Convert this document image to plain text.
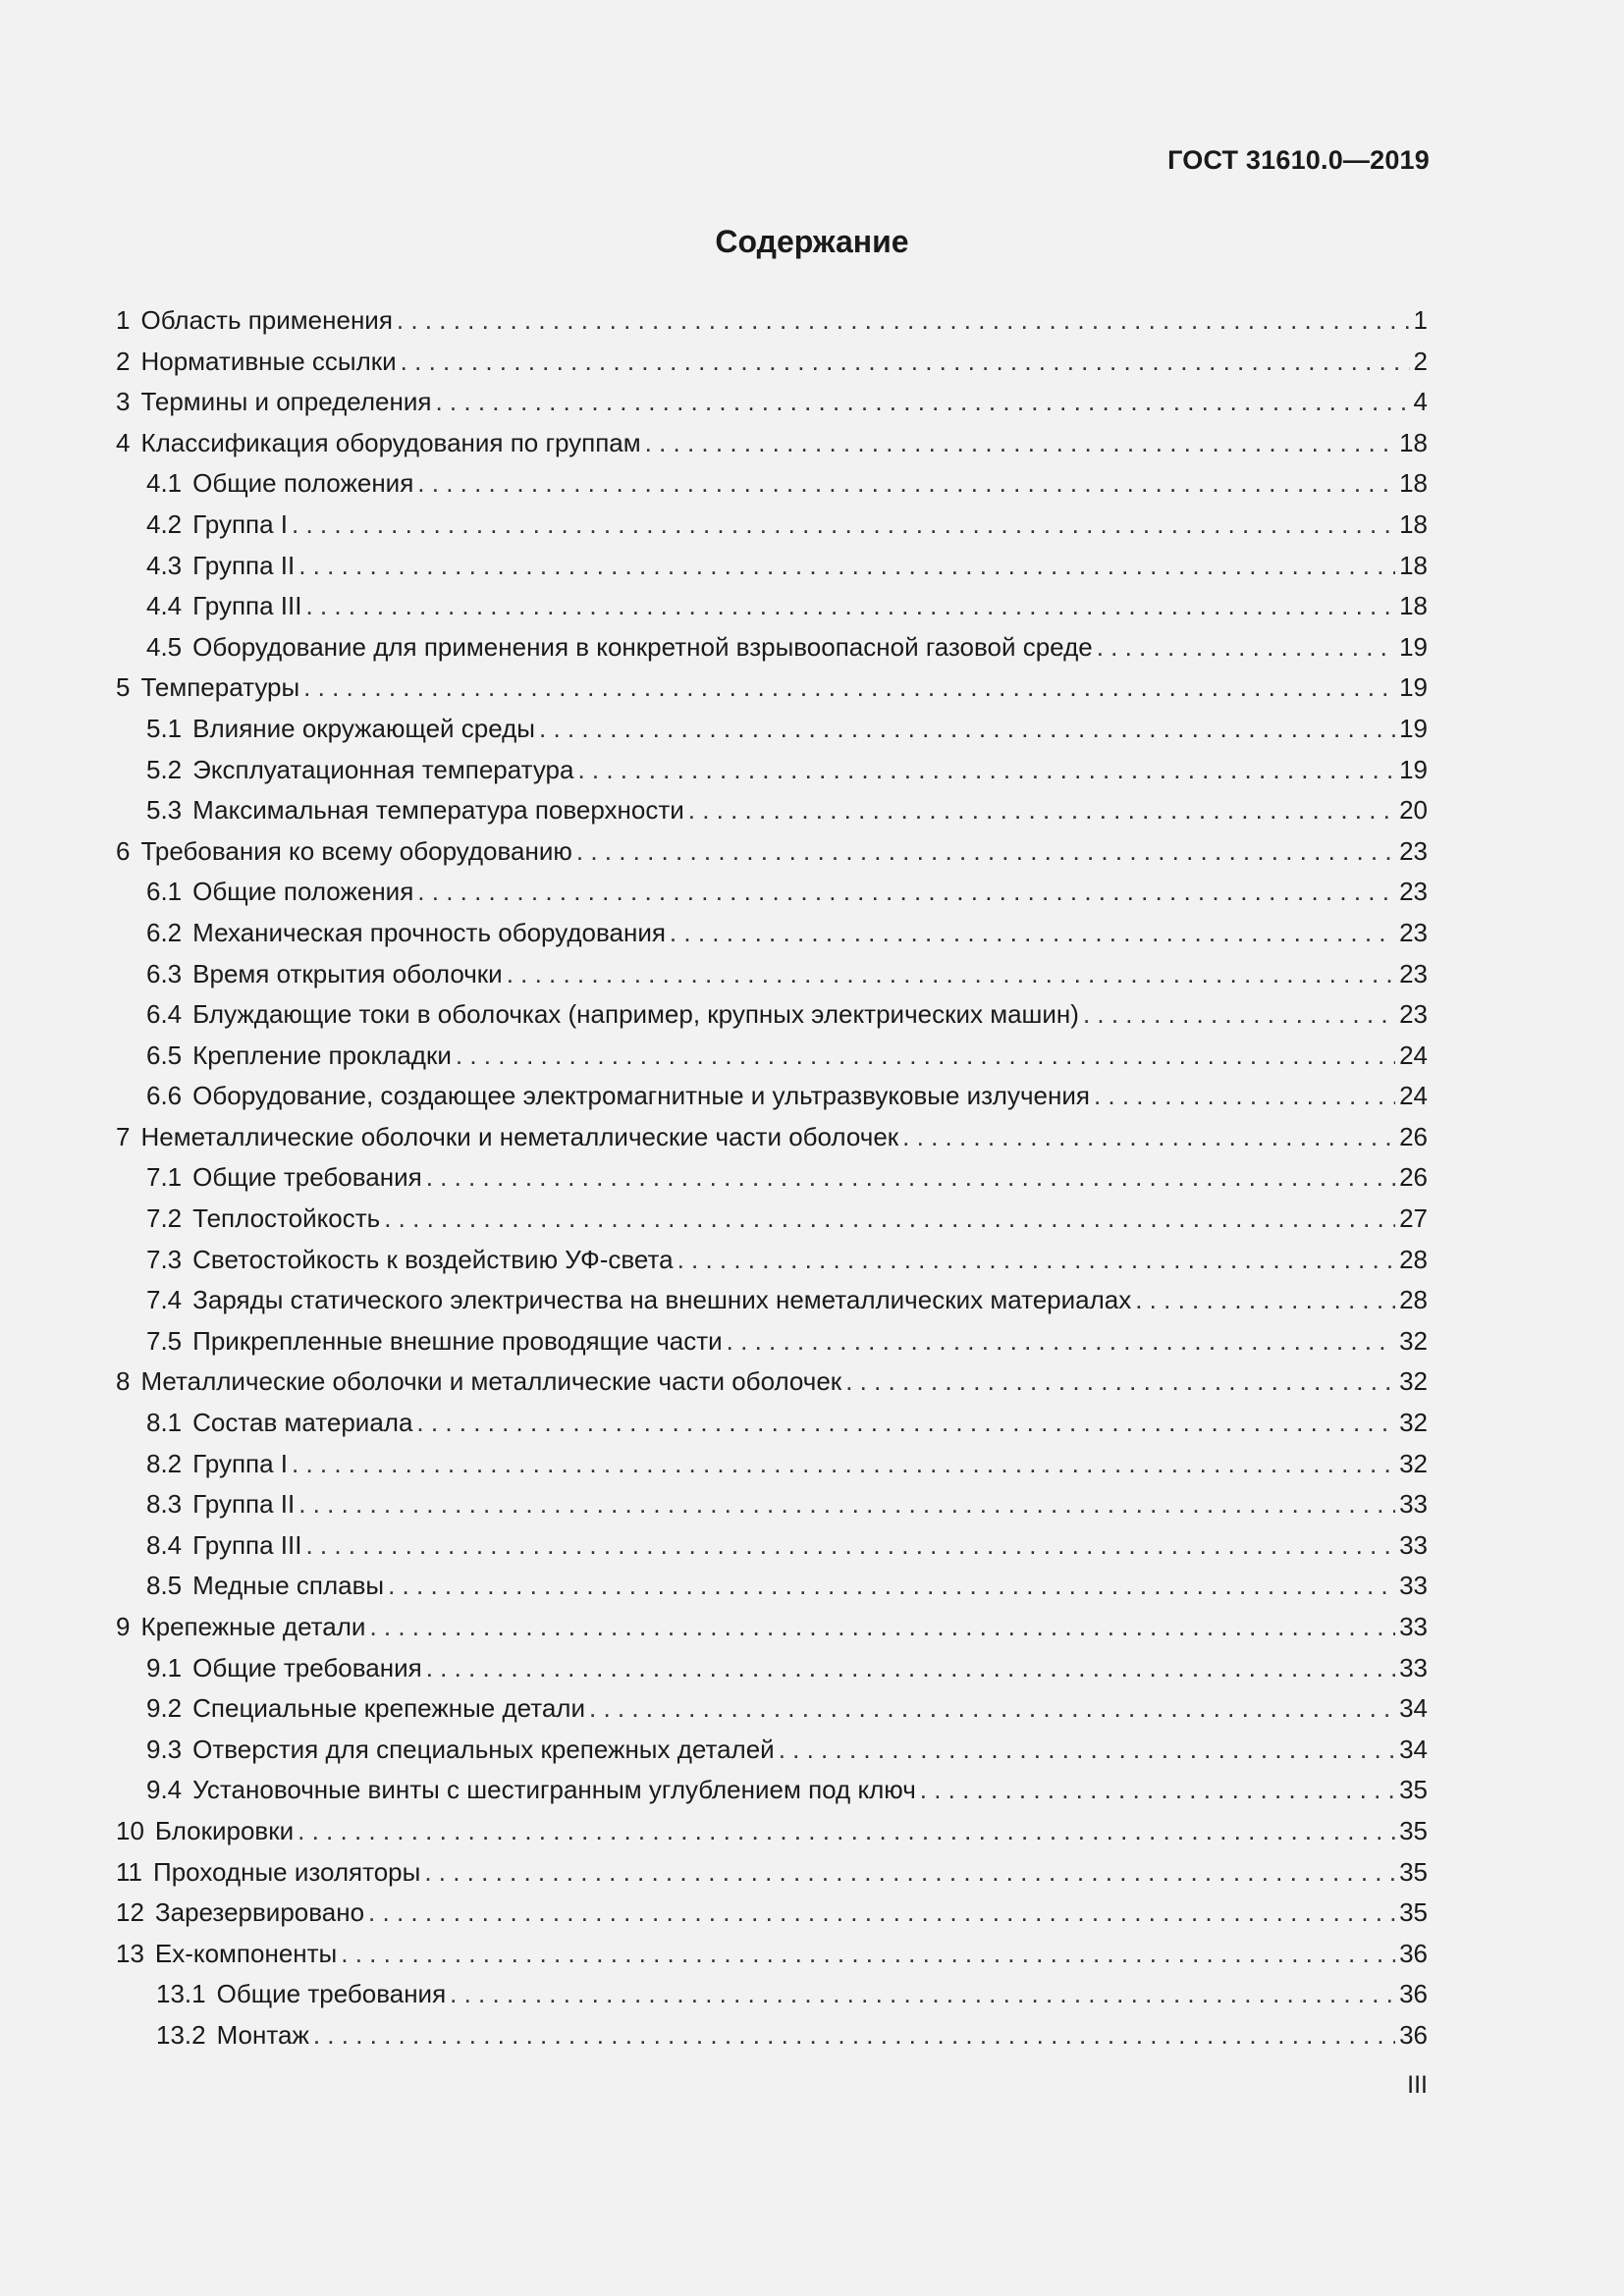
ГОСТ 31610.0—2019
Содержание
1 Область применения . . .	1
2 Нормативные ссылки . . .	2
3 Термины и определения . . .	4
4 Классификация оборудования по группам . . .	18
4.1 Общие положения . . .	18
4.2 Группа I . . .	18
4.3 Группа II . . .	18
4.4 Группа III . . .	18
4.5 Оборудование для применения в конкретной взрывоопасной газовой среде . . .	19
5 Температуры . . .	19
5.1 Влияние окружающей среды . . .	19
5.2 Эксплуатационная температура . . .	19
5.3 Максимальная температура поверхности . . .	20
6 Требования ко всему оборудованию . . .	23
6.1 Общие положения . . .	23
6.2 Механическая прочность оборудования . . .	23
6.3 Время открытия оболочки . . .	23
6.4 Блуждающие токи в оболочках (например, крупных электрических машин) . . .	23
6.5 Крепление прокладки . . .	24
6.6 Оборудование, создающее электромагнитные и ультразвуковые излучения . . .	24
7 Неметаллические оболочки и неметаллические части оболочек . . .	26
7.1 Общие требования . . .	26
7.2 Теплостойкость . . .	27
7.3 Светостойкость к воздействию УФ-света . . .	28
7.4 Заряды статического электричества на внешних неметаллических материалах . . .	28
7.5 Прикрепленные внешние проводящие части . . .	32
8 Металлические оболочки и металлические части оболочек . . .	32
8.1 Состав материала . . .	32
8.2 Группа I . . .	32
8.3 Группа II . . .	33
8.4 Группа III . . .	33
8.5 Медные сплавы . . .	33
9 Крепежные детали . . .	33
9.1 Общие требования . . .	33
9.2 Специальные крепежные детали . . .	34
9.3 Отверстия для специальных крепежных деталей . . .	34
9.4 Установочные винты с шестигранным углублением под ключ . . .	35
10 Блокировки . . .	35
11 Проходные изоляторы . . .	35
12 Зарезервировано . . .	35
13 Ex-компоненты . . .	36
13.1 Общие требования . . .	36
13.2 Монтаж . . .	36
III
